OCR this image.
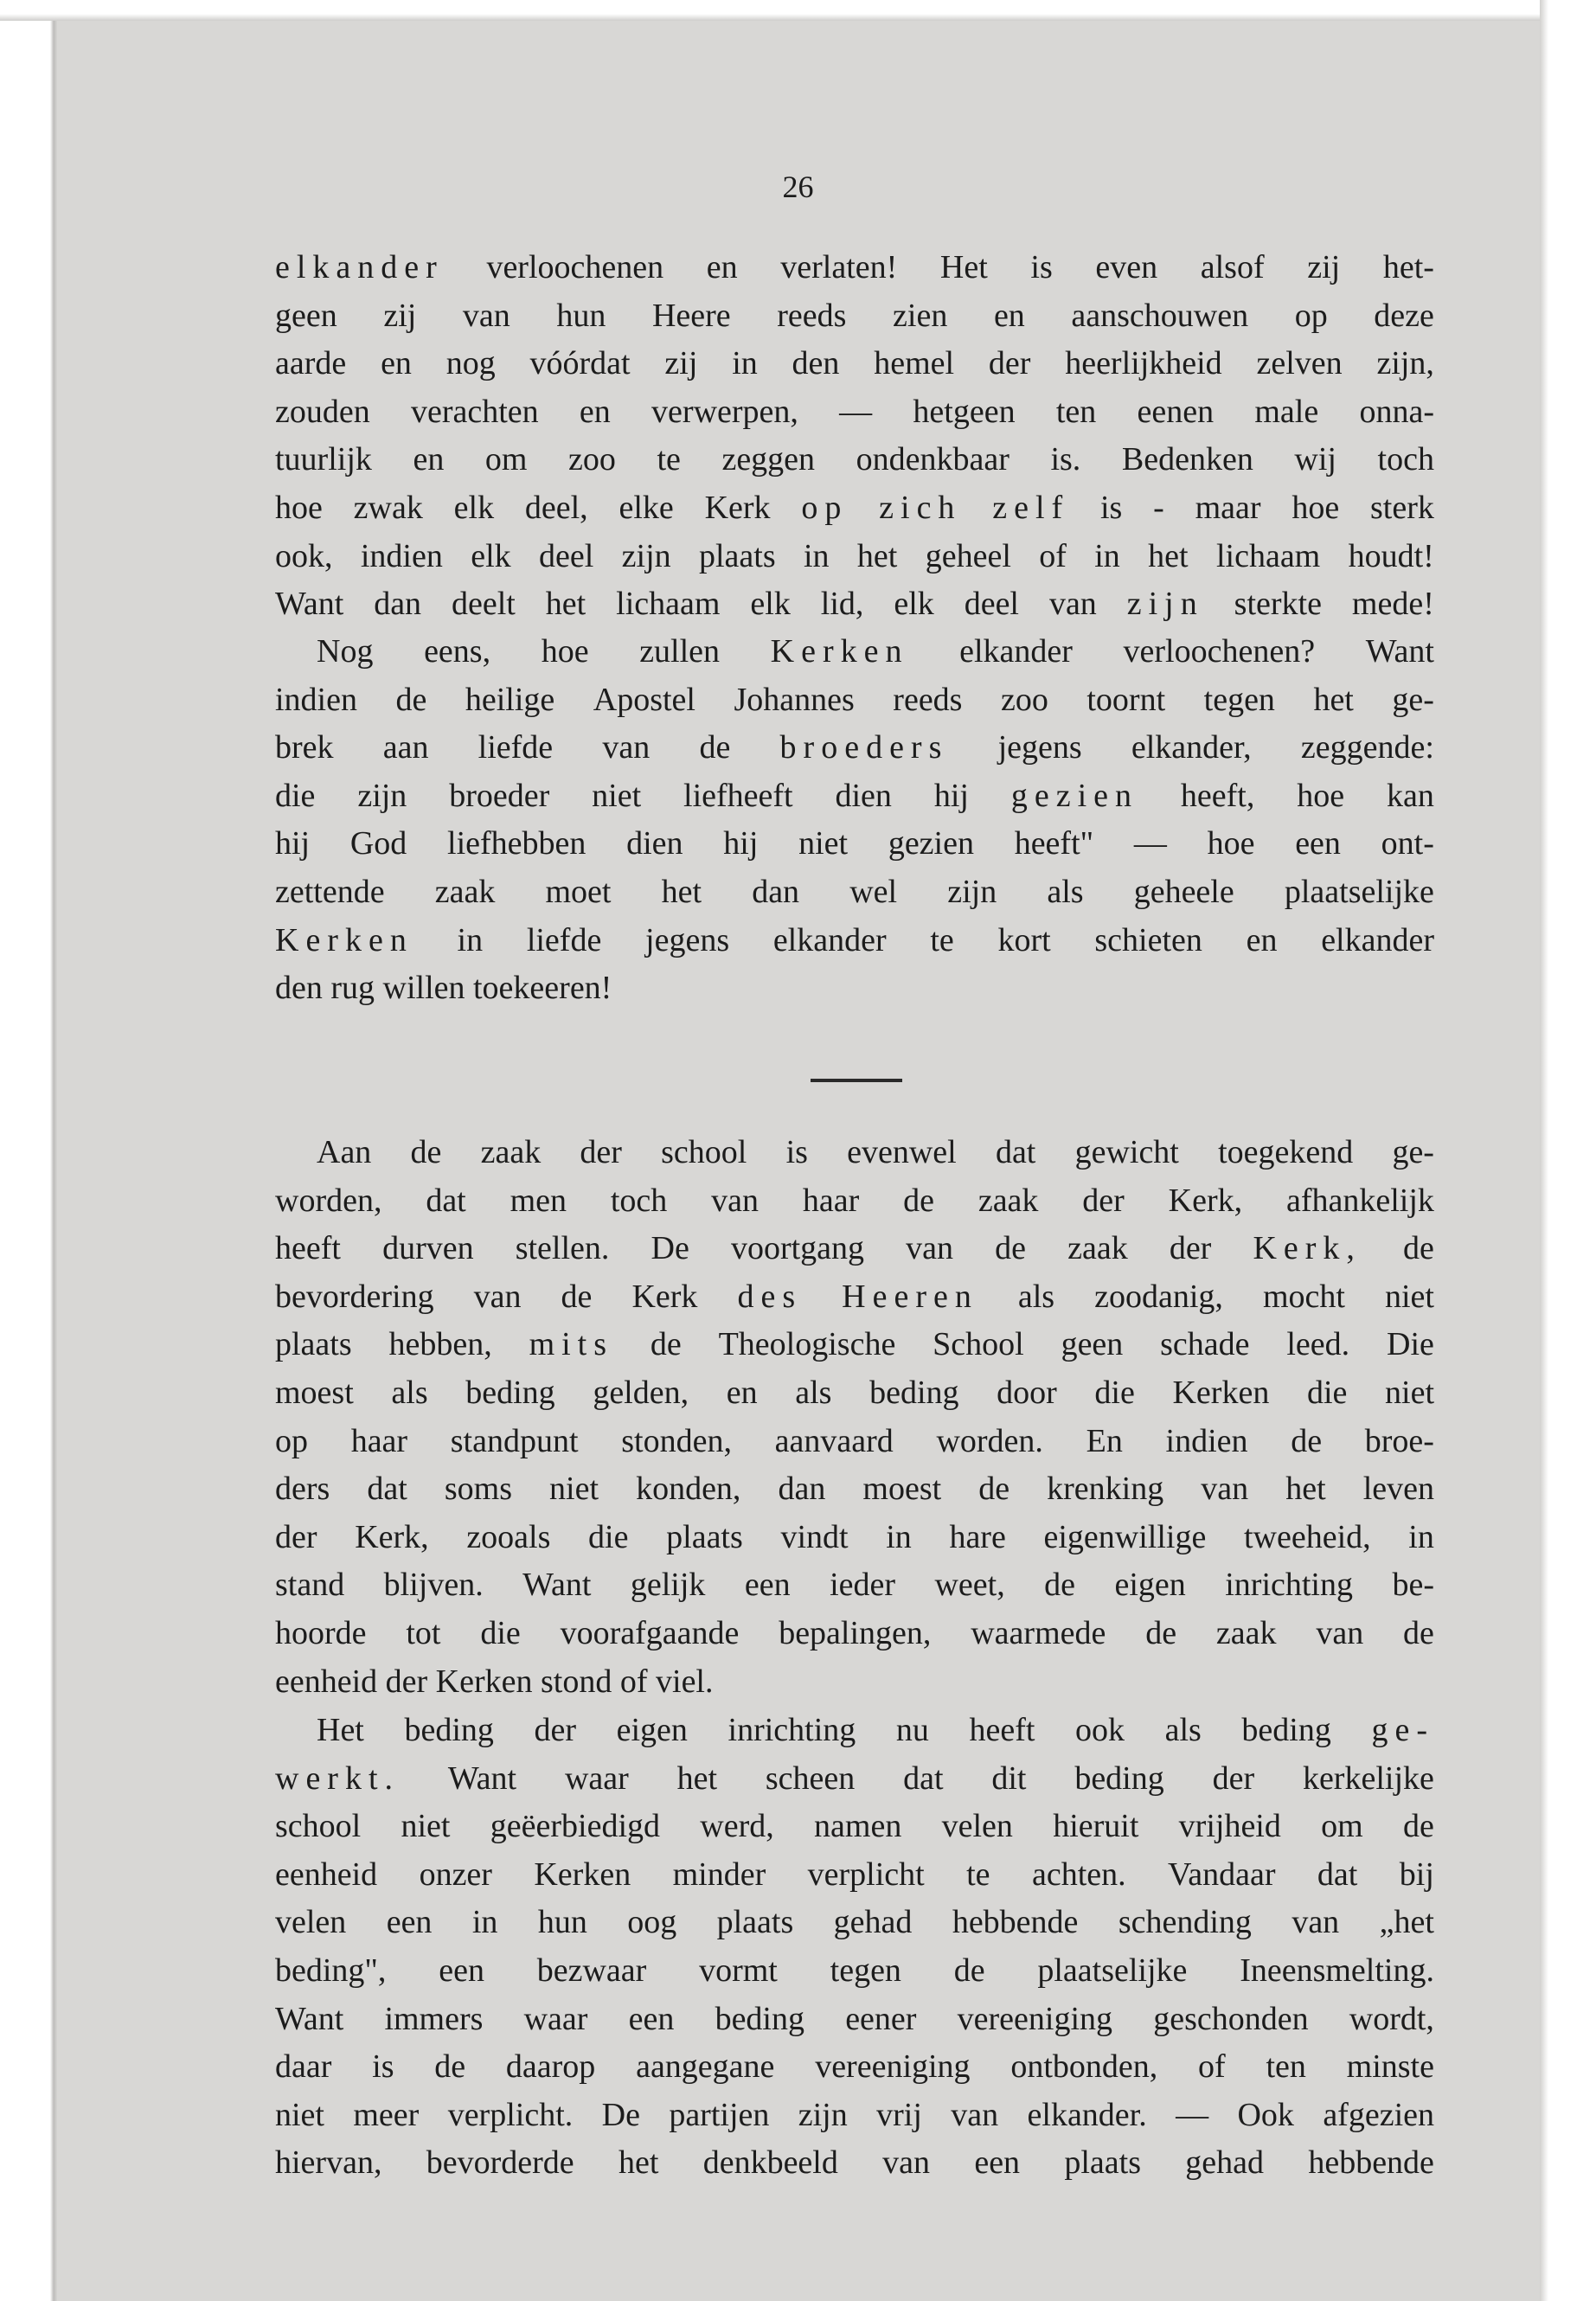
26
elkander verloochenen en verlaten! Het is even alsof zij het-
geen zij van hun Heere reeds zien en aanschouwen op deze
aarde en nog vóórdat zij in den hemel der heerlijkheid zelven zijn,
zouden verachten en verwerpen, — hetgeen ten eenen male onna-
tuurlijk en om zoo te zeggen ondenkbaar is. Bedenken wij toch
hoe zwak elk deel, elke Kerk op zich zelf is - maar hoe sterk
ook, indien elk deel zijn plaats in het geheel of in het lichaam houdt!
Want dan deelt het lichaam elk lid, elk deel van zijn sterkte mede!
Nog eens, hoe zullen Kerken elkander verloochenen? Want
indien de heilige Apostel Johannes reeds zoo toornt tegen het ge-
brek aan liefde van de broeders jegens elkander, zeggende:
die zijn broeder niet liefheeft dien hij gezien heeft, hoe kan
hij God liefhebben dien hij niet gezien heeft" — hoe een ont-
zettende zaak moet het dan wel zijn als geheele plaatselijke
Kerken in liefde jegens elkander te kort schieten en elkander
den rug willen toekeeren!
Aan de zaak der school is evenwel dat gewicht toegekend ge-
worden, dat men toch van haar de zaak der Kerk, afhankelijk
heeft durven stellen. De voortgang van de zaak der Kerk, de
bevordering van de Kerk des Heeren als zoodanig, mocht niet
plaats hebben, mits de Theologische School geen schade leed. Die
moest als beding gelden, en als beding door die Kerken die niet
op haar standpunt stonden, aanvaard worden. En indien de broe-
ders dat soms niet konden, dan moest de krenking van het leven
der Kerk, zooals die plaats vindt in hare eigenwillige tweeheid, in
stand blijven. Want gelijk een ieder weet, de eigen inrichting be-
hoorde tot die voorafgaande bepalingen, waarmede de zaak van de
eenheid der Kerken stond of viel.
Het beding der eigen inrichting nu heeft ook als beding ge-
werkt. Want waar het scheen dat dit beding der kerkelijke
school niet geëerbiedigd werd, namen velen hieruit vrijheid om de
eenheid onzer Kerken minder verplicht te achten. Vandaar dat bij
velen een in hun oog plaats gehad hebbende schending van „het
beding", een bezwaar vormt tegen de plaatselijke Ineensmelting.
Want immers waar een beding eener vereeniging geschonden wordt,
daar is de daarop aangegane vereeniging ontbonden, of ten minste
niet meer verplicht. De partijen zijn vrij van elkander. — Ook afgezien
hiervan, bevorderde het denkbeeld van een plaats gehad hebbende
